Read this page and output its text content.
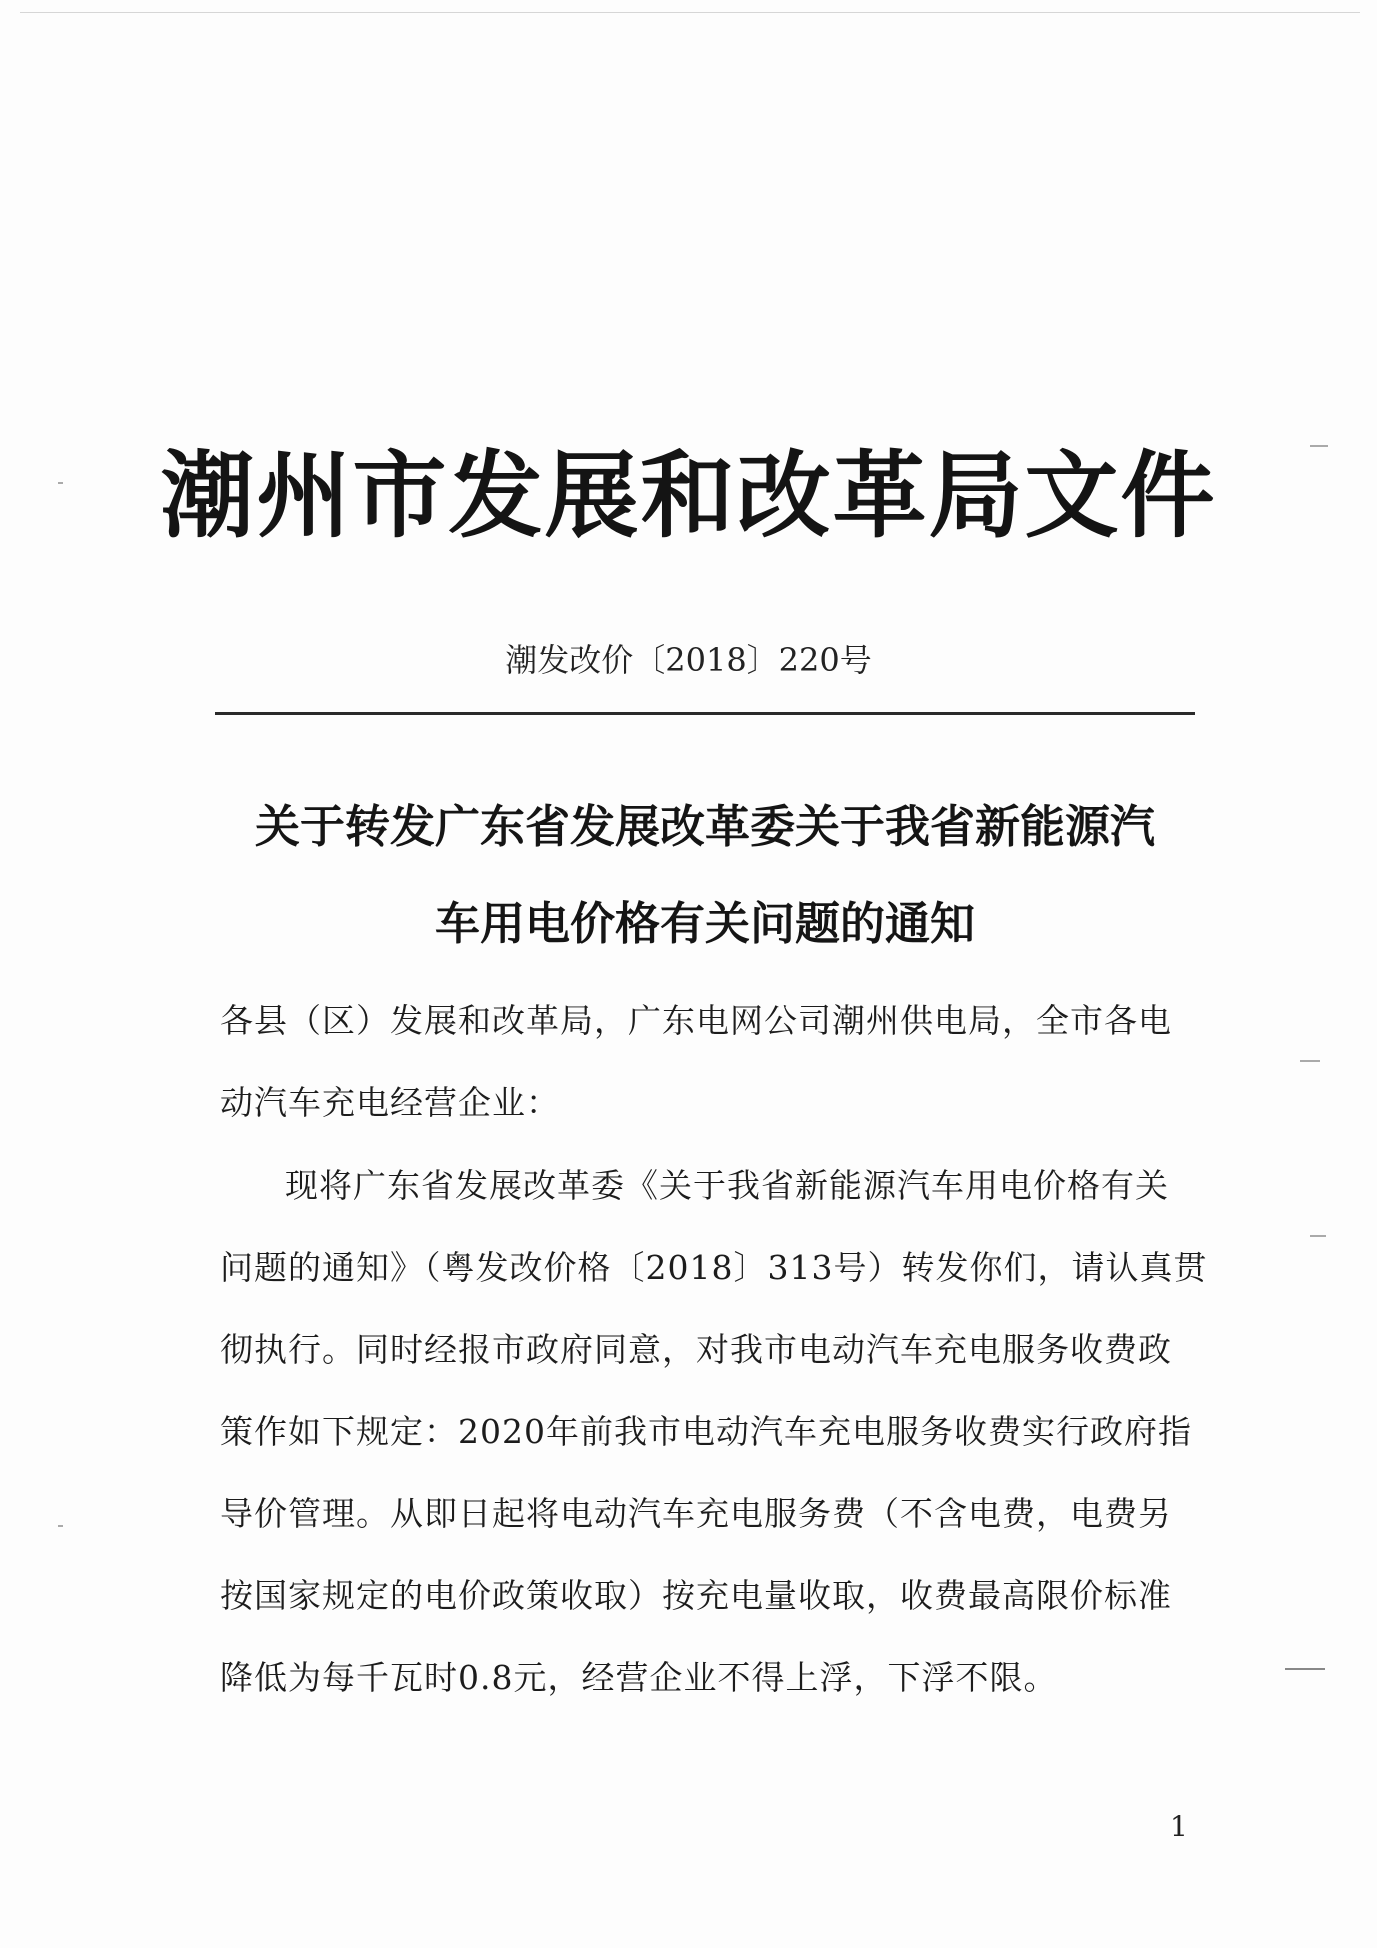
潮州市发展和改革局文件
潮发改价〔2018〕220号
关于转发广东省发展改革委关于我省新能源汽
车用电价格有关问题的通知
各县（区）发展和改革局，广东电网公司潮州供电局，全市各电
动汽车充电经营企业：
现将广东省发展改革委《关于我省新能源汽车用电价格有关
问题的通知》（粤发改价格〔2018〕313号）转发你们，请认真贯
彻执行。同时经报市政府同意，对我市电动汽车充电服务收费政
策作如下规定：2020年前我市电动汽车充电服务收费实行政府指
导价管理。从即日起将电动汽车充电服务费（不含电费，电费另
按国家规定的电价政策收取）按充电量收取，收费最高限价标准
降低为每千瓦时0.8元，经营企业不得上浮，下浮不限。
1
